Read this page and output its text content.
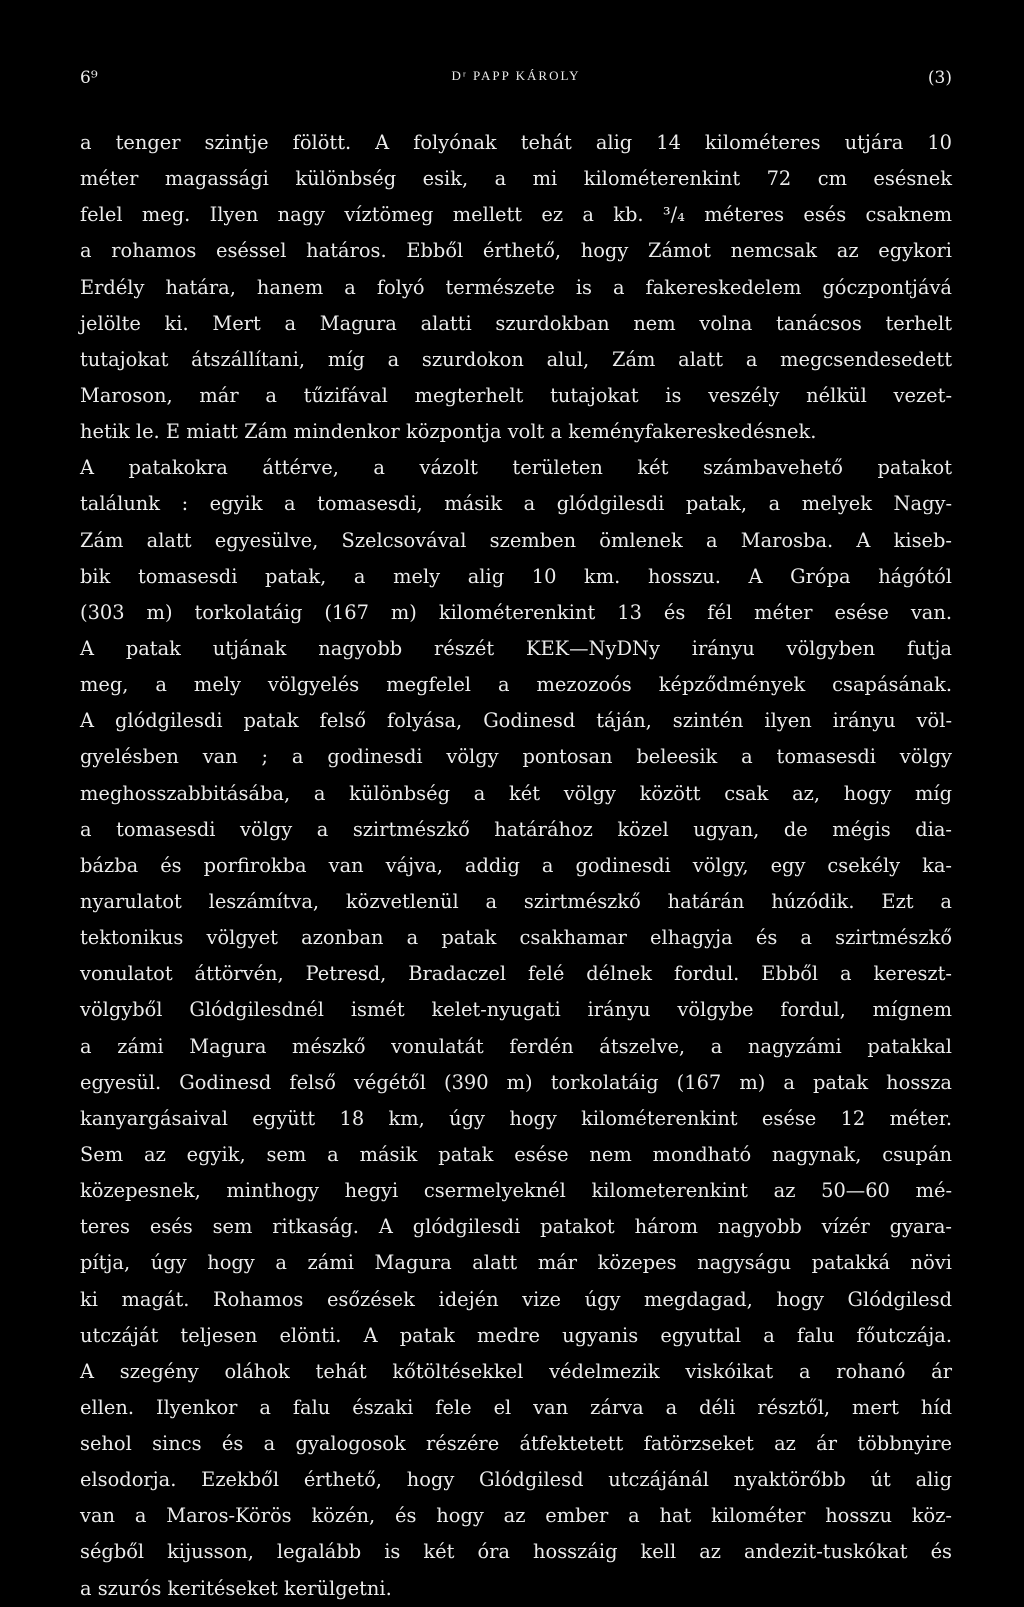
6⁹	Dʳ PAPP KÁROLY	(3)
a tenger szintje fölött. A folyónak tehát alig 14 kilométeres utjára 10
méter magassági különbség esik, a mi kilométerenkint 72 cm esésnek
felel meg. Ilyen nagy víztömeg mellett ez a kb. ³/₄ méteres esés csaknem
a rohamos eséssel határos. Ebből érthető, hogy Zámot nemcsak az egykori
Erdély határa, hanem a folyó természete is a fakereskedelem góczpontjává
jelölte ki. Mert a Magura alatti szurdokban nem volna tanácsos terhelt
tutajokat átszállítani, míg a szurdokon alul, Zám alatt a megcsendesedett
Maroson, már a tűzifával megterhelt tutajokat is veszély nélkül vezet-
hetik le. E miatt Zám mindenkor központja volt a keményfakereskedésnek.
A patakokra áttérve, a vázolt területen két számbavehető patakot
találunk : egyik a tomasesdi, másik a glódgilesdi patak, a melyek Nagy-
Zám alatt egyesülve, Szelcsovával szemben ömlenek a Marosba. A kiseb-
bik tomasesdi patak, a mely alig 10 km. hosszu. A Grópa hágótól
(303 m) torkolatáig (167 m) kilométerenkint 13 és fél méter esése van.
A patak utjának nagyobb részét KEK—NyDNy irányu völgyben futja
meg, a mely völgyelés megfelel a mezozoós képződmények csapásának.
A glódgilesdi patak felső folyása, Godinesd táján, szintén ilyen irányu völ-
gyelésben van ; a godinesdi völgy pontosan beleesik a tomasesdi völgy
meghosszabbitásába, a különbség a két völgy között csak az, hogy míg
a tomasesdi völgy a szirtmészkő határához közel ugyan, de mégis dia-
bázba és porfirokba van vájva, addig a godinesdi völgy, egy csekély ka-
nyarulatot leszámítva, közvetlenül a szirtmészkő határán húzódik. Ezt a
tektonikus völgyet azonban a patak csakhamar elhagyja és a szirtmészkő
vonulatot áttörvén, Petresd, Bradaczel felé délnek fordul. Ebből a kereszt-
völgyből Glódgilesdnél ismét kelet-nyugati irányu völgybe fordul, mígnem
a zámi Magura mészkő vonulatát ferdén átszelve, a nagyzámi patakkal
egyesül. Godinesd felső végétől (390 m) torkolatáig (167 m) a patak hossza
kanyargásaival együtt 18 km, úgy hogy kilométerenkint esése 12 méter.
Sem az egyik, sem a másik patak esése nem mondható nagynak, csupán
közepesnek, minthogy hegyi csermelyeknél kilometerenkint az 50—60 mé-
teres esés sem ritkaság. A glódgilesdi patakot három nagyobb vízér gyara-
pítja, úgy hogy a zámi Magura alatt már közepes nagyságu patakká növi
ki magát. Rohamos esőzések idején vize úgy megdagad, hogy Glódgilesd
utczáját teljesen elönti. A patak medre ugyanis egyuttal a falu főutczája.
A szegény oláhok tehát kőtöltésekkel védelmezik viskóikat a rohanó ár
ellen. Ilyenkor a falu északi fele el van zárva a déli résztől, mert híd
sehol sincs és a gyalogosok részére átfektetett fatörzseket az ár többnyire
elsodorja. Ezekből érthető, hogy Glódgilesd utczájánál nyaktörőbb út alig
van a Maros-Körös közén, és hogy az ember a hat kilométer hosszu köz-
ségből kijusson, legalább is két óra hosszáig kell az andezit-tuskókat és
a szurós keritéseket kerülgetni.
